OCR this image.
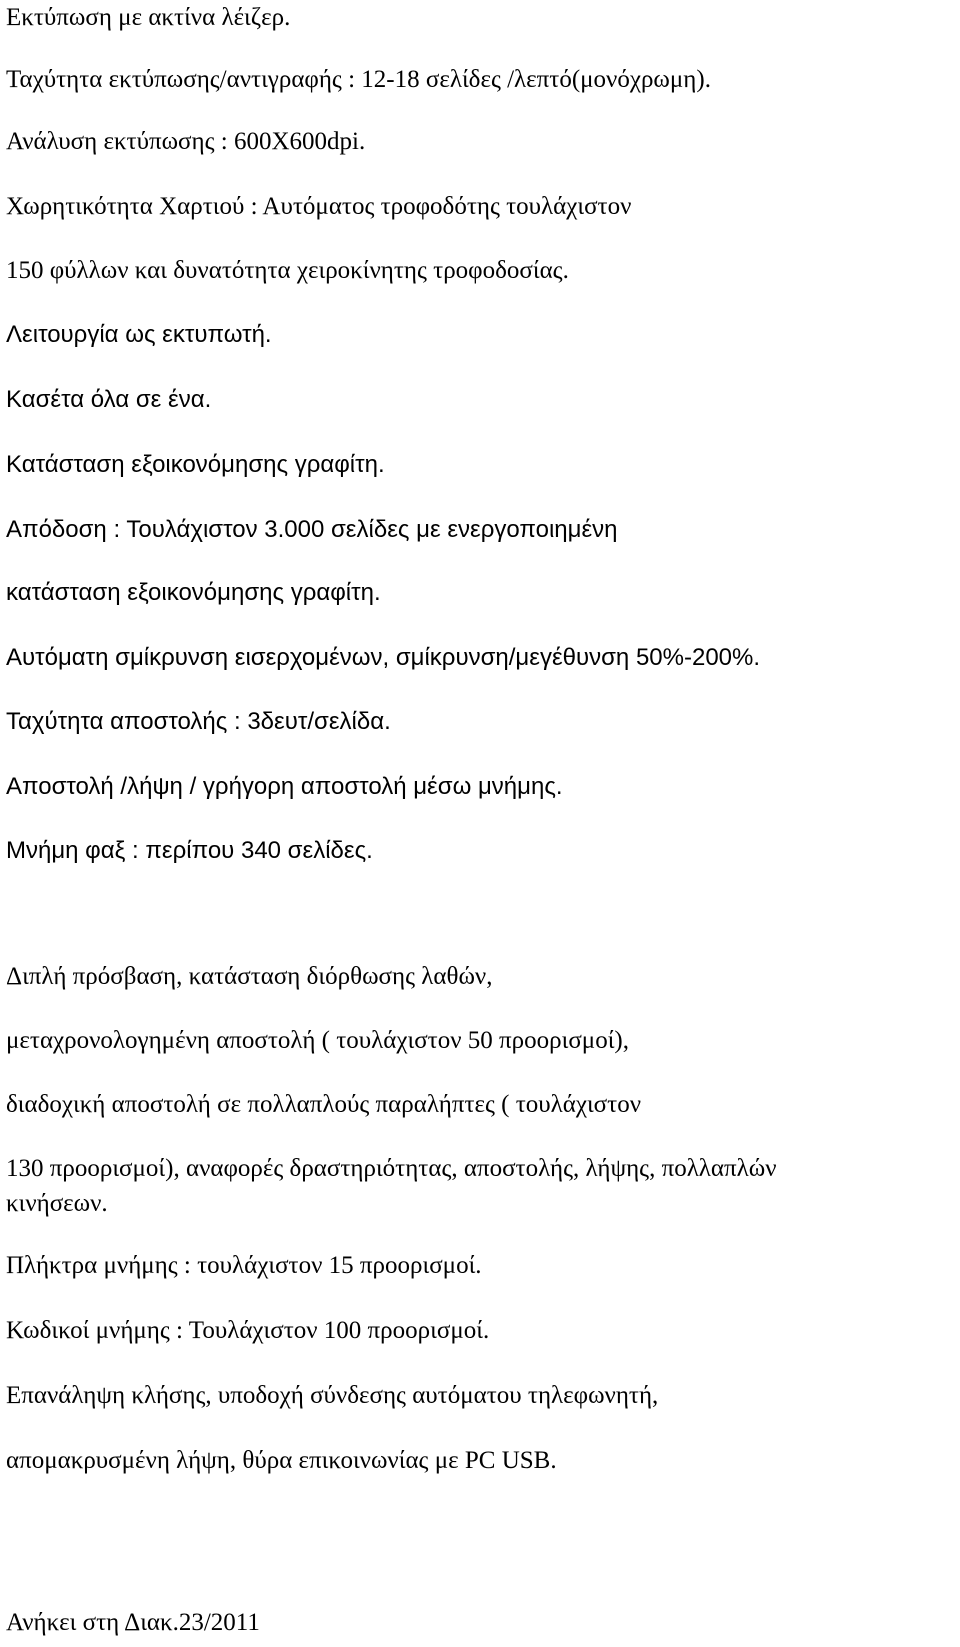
Εκτύπωση με ακτίνα λέιζερ.
Ταχύτητα εκτύπωσης/αντιγραφής : 12-18 σελίδες /λεπτό(μονόχρωμη).
Ανάλυση εκτύπωσης : 600Χ600dpi.
Χωρητικότητα Χαρτιού : Αυτόματος τροφοδότης τουλάχιστον
150 φύλλων και δυνατότητα χειροκίνητης τροφοδοσίας.
Λειτουργία ως εκτυπωτή.
Κασέτα όλα σε ένα.
Κατάσταση εξοικονόμησης γραφίτη.
Απόδοση : Τουλάχιστον 3.000 σελίδες με ενεργοποιημένη
κατάσταση εξοικονόμησης γραφίτη.
Αυτόματη σμίκρυνση εισερχομένων, σμίκρυνση/μεγέθυνση 50%-200%.
Ταχύτητα αποστολής : 3δευτ/σελίδα.
Αποστολή /λήψη / γρήγορη αποστολή μέσω μνήμης.
Μνήμη φαξ : περίπου 340 σελίδες.
Διπλή πρόσβαση, κατάσταση διόρθωσης λαθών,
μεταχρονολογημένη αποστολή ( τουλάχιστον 50 προορισμοί),
διαδοχική αποστολή σε πολλαπλούς παραλήπτες ( τουλάχιστον
130 προορισμοί), αναφορές δραστηριότητας, αποστολής, λήψης, πολλαπλών
κινήσεων.
Πλήκτρα μνήμης : τουλάχιστον 15 προορισμοί.
Κωδικοί μνήμης : Τουλάχιστον 100 προορισμοί.
Επανάληψη κλήσης, υποδοχή σύνδεσης αυτόματου τηλεφωνητή,
απομακρυσμένη λήψη, θύρα επικοινωνίας με PC USB.
Ανήκει στη Διακ.23/2011
